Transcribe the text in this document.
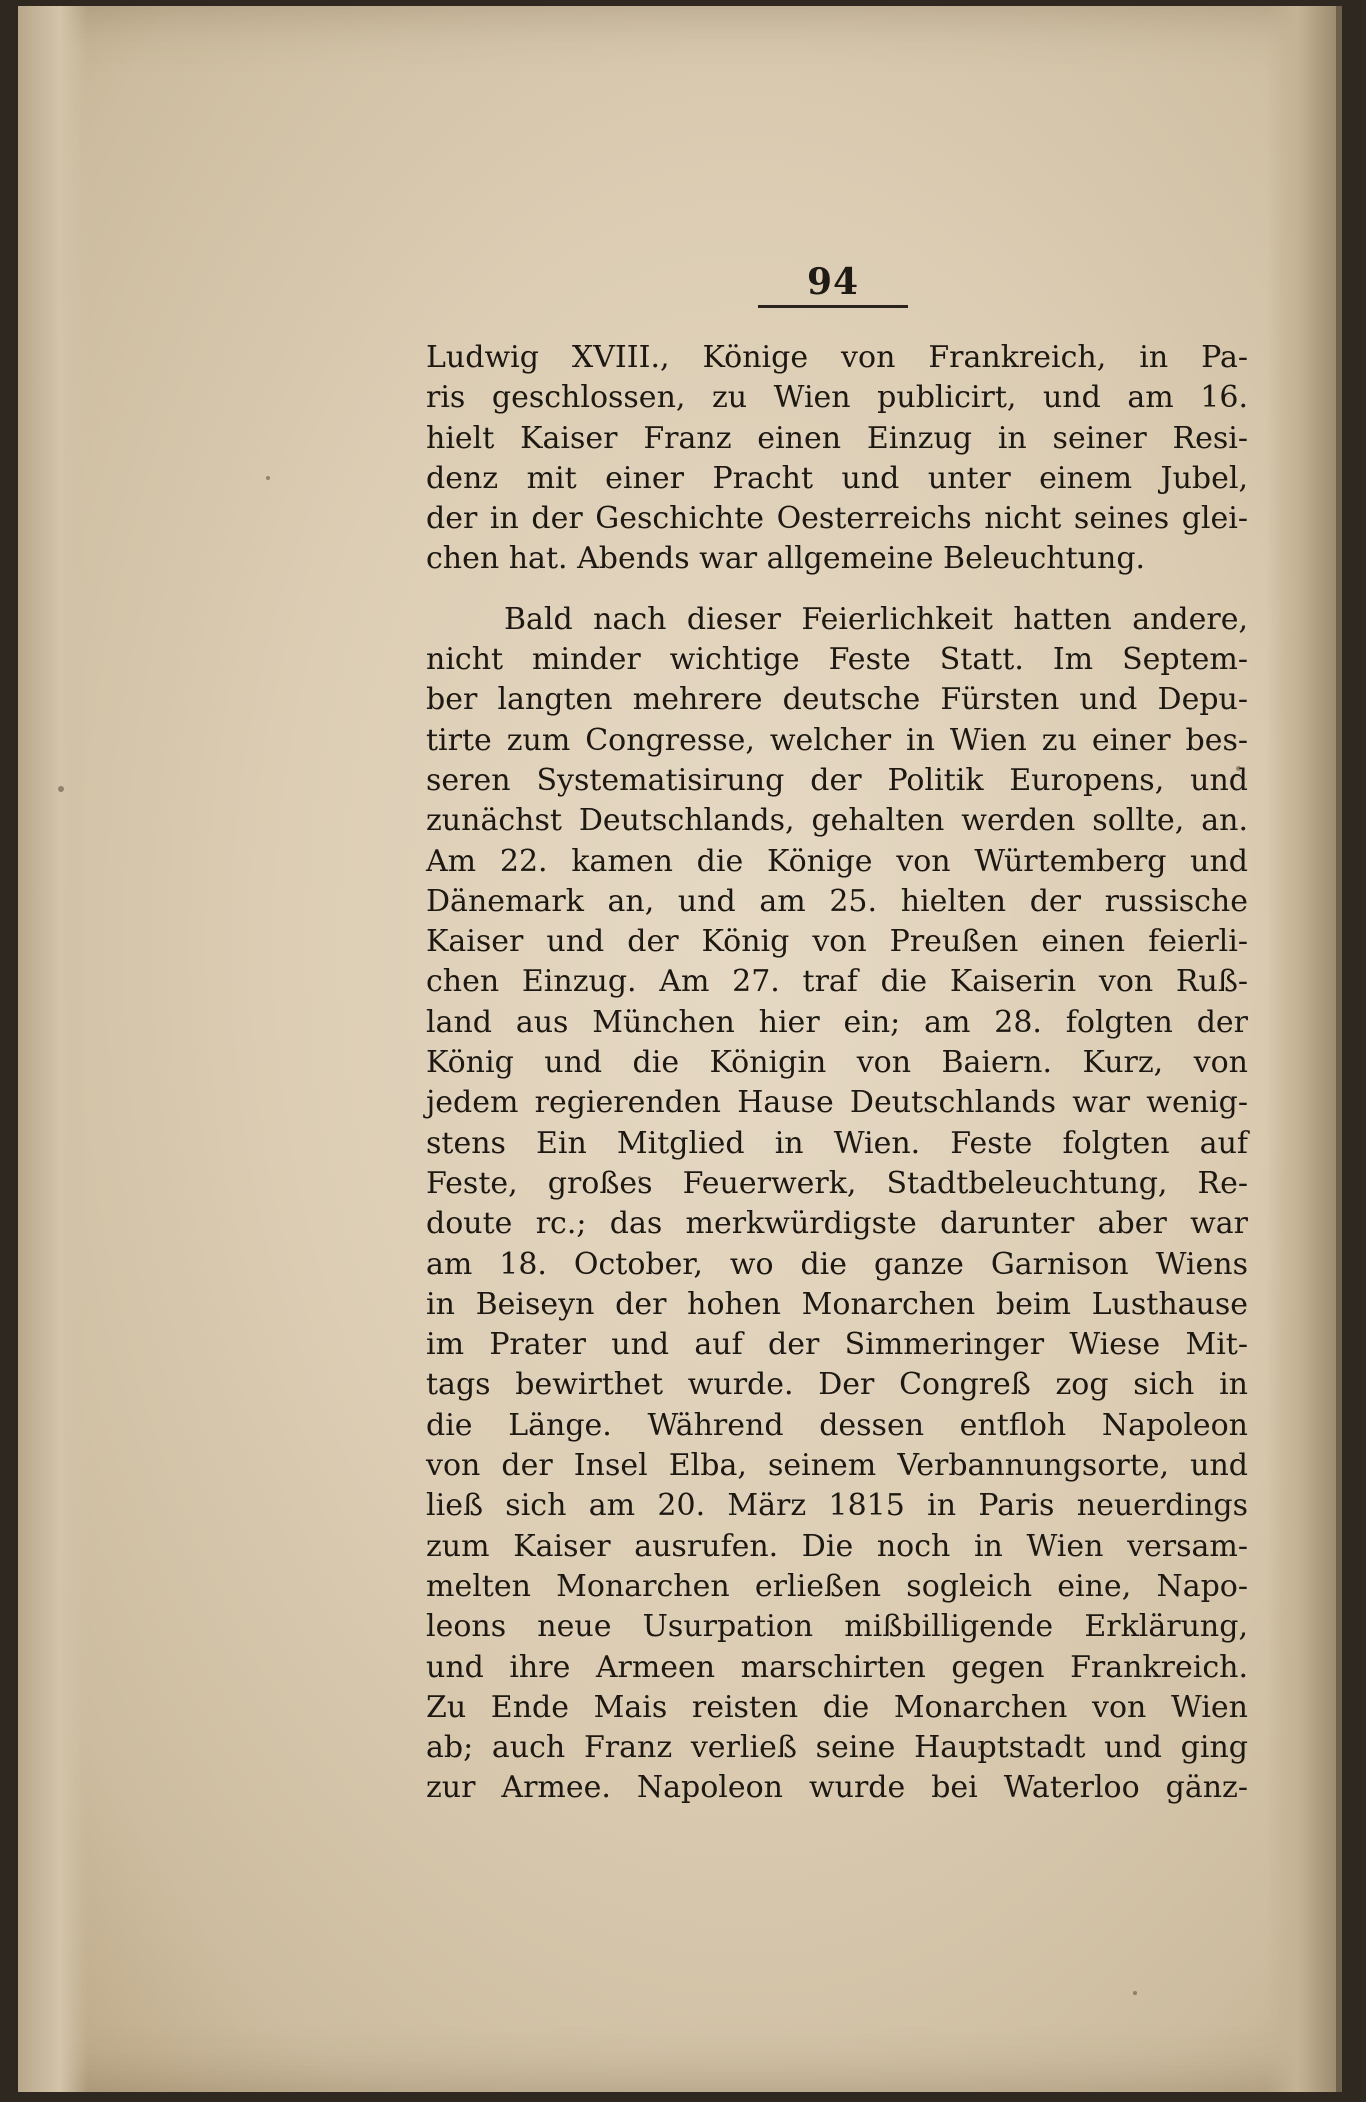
94
Ludwig XVIII., Könige von Frankreich, in Pa-
ris geschlossen, zu Wien publicirt, und am 16.
hielt Kaiser Franz einen Einzug in seiner Resi-
denz mit einer Pracht und unter einem Jubel,
der in der Geschichte Oesterreichs nicht seines glei-
chen hat. Abends war allgemeine Beleuchtung.
Bald nach dieser Feierlichkeit hatten andere,
nicht minder wichtige Feste Statt. Im Septem-
ber langten mehrere deutsche Fürsten und Depu-
tirte zum Congresse, welcher in Wien zu einer bes-
seren Systematisirung der Politik Europens, und
zunächst Deutschlands, gehalten werden sollte, an.
Am 22. kamen die Könige von Würtemberg und
Dänemark an, und am 25. hielten der russische
Kaiser und der König von Preußen einen feierli-
chen Einzug. Am 27. traf die Kaiserin von Ruß-
land aus München hier ein; am 28. folgten der
König und die Königin von Baiern. Kurz, von
jedem regierenden Hause Deutschlands war wenig-
stens Ein Mitglied in Wien. Feste folgten auf
Feste, großes Feuerwerk, Stadtbeleuchtung, Re-
doute rc.; das merkwürdigste darunter aber war
am 18. October, wo die ganze Garnison Wiens
in Beiseyn der hohen Monarchen beim Lusthause
im Prater und auf der Simmeringer Wiese Mit-
tags bewirthet wurde. Der Congreß zog sich in
die Länge. Während dessen entfloh Napoleon
von der Insel Elba, seinem Verbannungsorte, und
ließ sich am 20. März 1815 in Paris neuerdings
zum Kaiser ausrufen. Die noch in Wien versam-
melten Monarchen erließen sogleich eine, Napo-
leons neue Usurpation mißbilligende Erklärung,
und ihre Armeen marschirten gegen Frankreich.
Zu Ende Mais reisten die Monarchen von Wien
ab; auch Franz verließ seine Hauptstadt und ging
zur Armee. Napoleon wurde bei Waterloo gänz-
